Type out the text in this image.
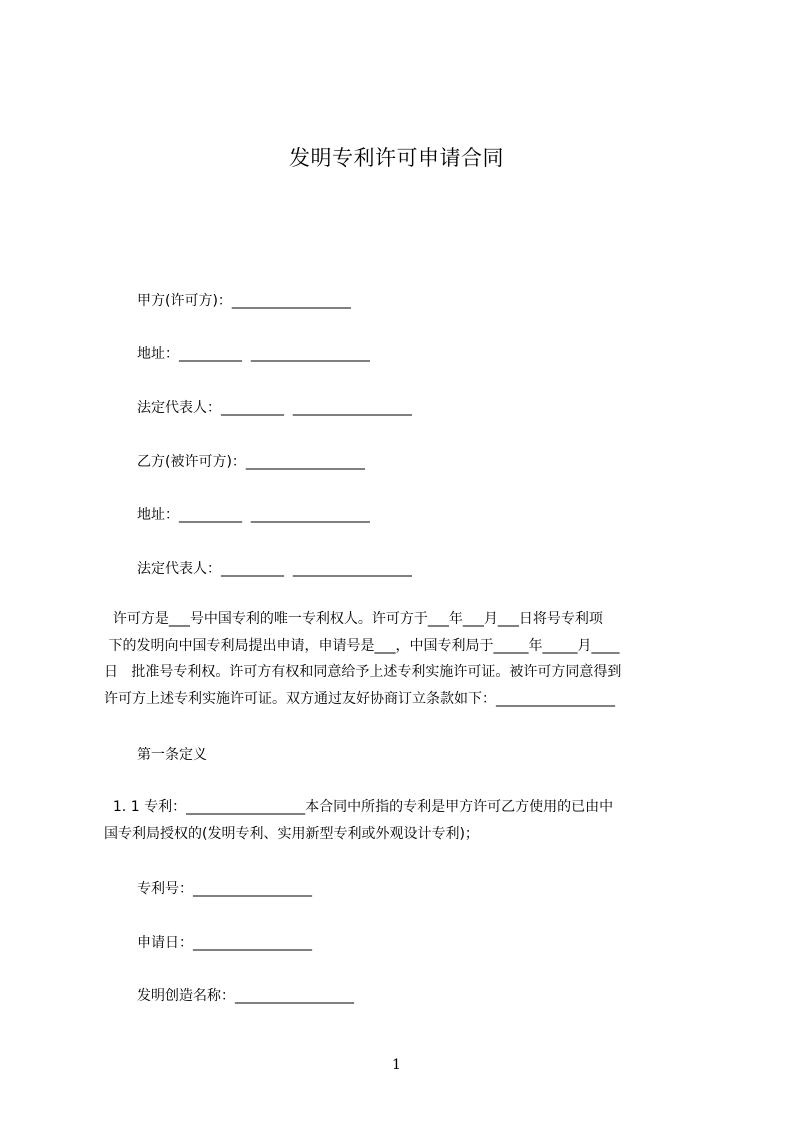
发明专利许可申请合同
甲方(许可方)：_________________
地址：_________  _________________
法定代表人：_________  _________________
乙方(被许可方)：_________________
地址：_________  _________________
法定代表人：_________  _________________
许可方是___号中国专利的唯一专利权人。许可方于___年___月___日将号专利项
下的发明向中国专利局提出申请，申请号是___，中国专利局于_____年_____月____
日   批准号专利权。许可方有权和同意给予上述专利实施许可证。被许可方同意得到
许可方上述专利实施许可证。双方通过友好协商订立条款如下：_________________
第一条定义
1. 1 专利：_________________本合同中所指的专利是甲方许可乙方使用的已由中
国专利局授权的(发明专利、实用新型专利或外观设计专利)；
专利号：_________________
申请日：_________________
发明创造名称：_________________
1
